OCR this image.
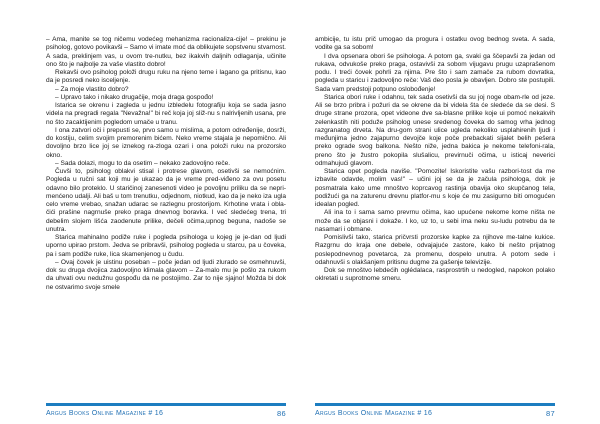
– Ama, manite se tog ničemu vodećeg mehanizma racionaliza-cije! – prekinu je psiholog, gotovo povikavši – Samo vi imate moć da oblikujete sopstvenu stvarnost. A sada, preklinjem vas, u ovom tre-nutku, bez ikakvih daljnih odlaganja, učinite ono što je najbolje za vaše vlastito dobro!

Rekavši ovo psiholog položi drugu ruku na njeno teme i lagano ga pritisnu, kao da je posredi neko isceljenje.

– Za moje vlastito dobro?

– Upravo tako i nikako drugačije, moja draga gospođo!

Istarica se okrenu i zagleda u jednu izbledelu fotografiju koja se sada jasno videla na pregradi regala "Nevažna!" bi reč koja joj sliž-nu s nalrivljenih usana, pre no što zacaktijenim pogledom umače u tranu.

I ona zatvori oči i prepusti se, prvo samo u mislima, a potom određenije, dosrži, do kostiju, celim svojim premorenim bićem. Neko vreme stajala je nepomično. Ali dovoljno brzo lice joj se iznekog ra-zloga ozari i ona položi ruku na prozorsko okno.

– Sada dolazi, mogu to da osetim – nekako zadovoljno reče.

Čuvši to, psiholog oblakvi stisal i protrese glavom, osetivši se nemoćnim. Pogleda u ručni sat koji mu je ukazao da je vreme pred-viđeno za ovu posetu odavno bilo proteklo. U staričinoj zanesenoti video je povoljnu priliku da se neprimenćeno udalji. Ali baš u tom trenutku, odjednom, niotkud, kao da je neko iza ugla celo vreme vrebao, snažan udarac se razlegnu prostorijom. Krhotine vrata i obla-čići prašine nagrnuše preko praga dnevnog boravka. I već sledećeg trena, tri debelim slojem lišća zaodenute prilike, dečeli očima,upnog beguna, nadoše se unutra.

Starica mahinalno podiže ruke i pogleda psihologa u kojeg je je-dan od ljudi uporno upirao prstom. Jedva se pribravši, psiholog pogleda u starcu, pa u čoveka, pa i sam podiže ruke, lica skamenjenog u čudu.

– Ovaj čovek je uistinu poseban – poče jedan od ljudi zlurado se osmehnuvši, dok su druga dvojica zadovoljno klimala glavom – Za-malo mu je pošlo za rukom da uhvati ovu nedužnu gospođu da ne postojimo. Zar to nije sjajno! Možda bi dok ne ostvarimo svoje smele

Argus Books Online Magazine # 16	86

ambicije, tu istu prič umogao da progura i ostatku ovog bednog sveta. A sada, vodite ga sa sobom!

I dva opsenara obori še psihologa. A potom ga, svaki ga ščepavši za jedan od rukava, odvukoše preko praga, ostavivši za sobom vijugavu prugu uzaprašenom podu. I treći čovek pohrli za njima. Pre što i sam zamače za rubom dovratka, pogleda u staricu i zadovoljno reče: Vaš deo posla je obavljen. Dobro ste postupili. Sada vam predstoji potpuno oslobođenje!

Starica obori ruke i odahnu, tek sada osetivši da su joj noge obam-rle od jeze. Ali se brzo pribra i požuri da se okrene da bi videla šta će sledeće da se desi. S druge strane prozora, opet videone dve sa-blasne prilike koje ui pomoć nekakvih zelenkastih niti poduže psiholog unese sredenog čoveka do samog vrha jednog razgranatog drveta. Na dru-gom strani ulice ugleda nekoliko usplahirenih ljudi i međunjima jedno zajapurno devojče koje poče prebackati sijalet belih pešera preko ograde svog balkona. Nešto niže, jedna bakica je nekome telefoni-rala, preno što je žustro pokopila slušalicu, previrnuči očima, u isticaj neverici odmahujući glavom.

Starica opet pogleda naviše. "Pomozite! Iskoristite vašu razbori-tost da me izbavite odavde, molim vas!" – učini joj se da je začula psihologa, dok je posmatrala kako ume mnoštvo koprcavog rastinja obavija oko skupčanog tela, podižući ga na zaturenu drevnu platfor-mu s koje će mu zasigurno biti omogućen idealan pogled.

Ali ina to i sama samo prevrnu očima, kao upućene nekome kome ništa ne može da se objasni i dokaže. I ko, uz to, u sebi ima neku su-ludu potrebu da te nasamari i obmane.

Pomislivši tako, starica pričvrsti prozorske kapke za njihove me-talne kukice. Razgrnu do kraja one debele, odvajajuće zastore, kako bi nešto prijatnog poslepodnevnog povetarca, za promenu, dospelo unutra. A potom sede i odahnuvši s olakšanjem pritisnu dugme za gašenje televizije.

Dok se mnoštvo lebdećih oglédalaca, rasprostrtih u nedogled, napokon polako oklretati u suprotnome smeru.

Argus Books Online Magazine # 16	87
